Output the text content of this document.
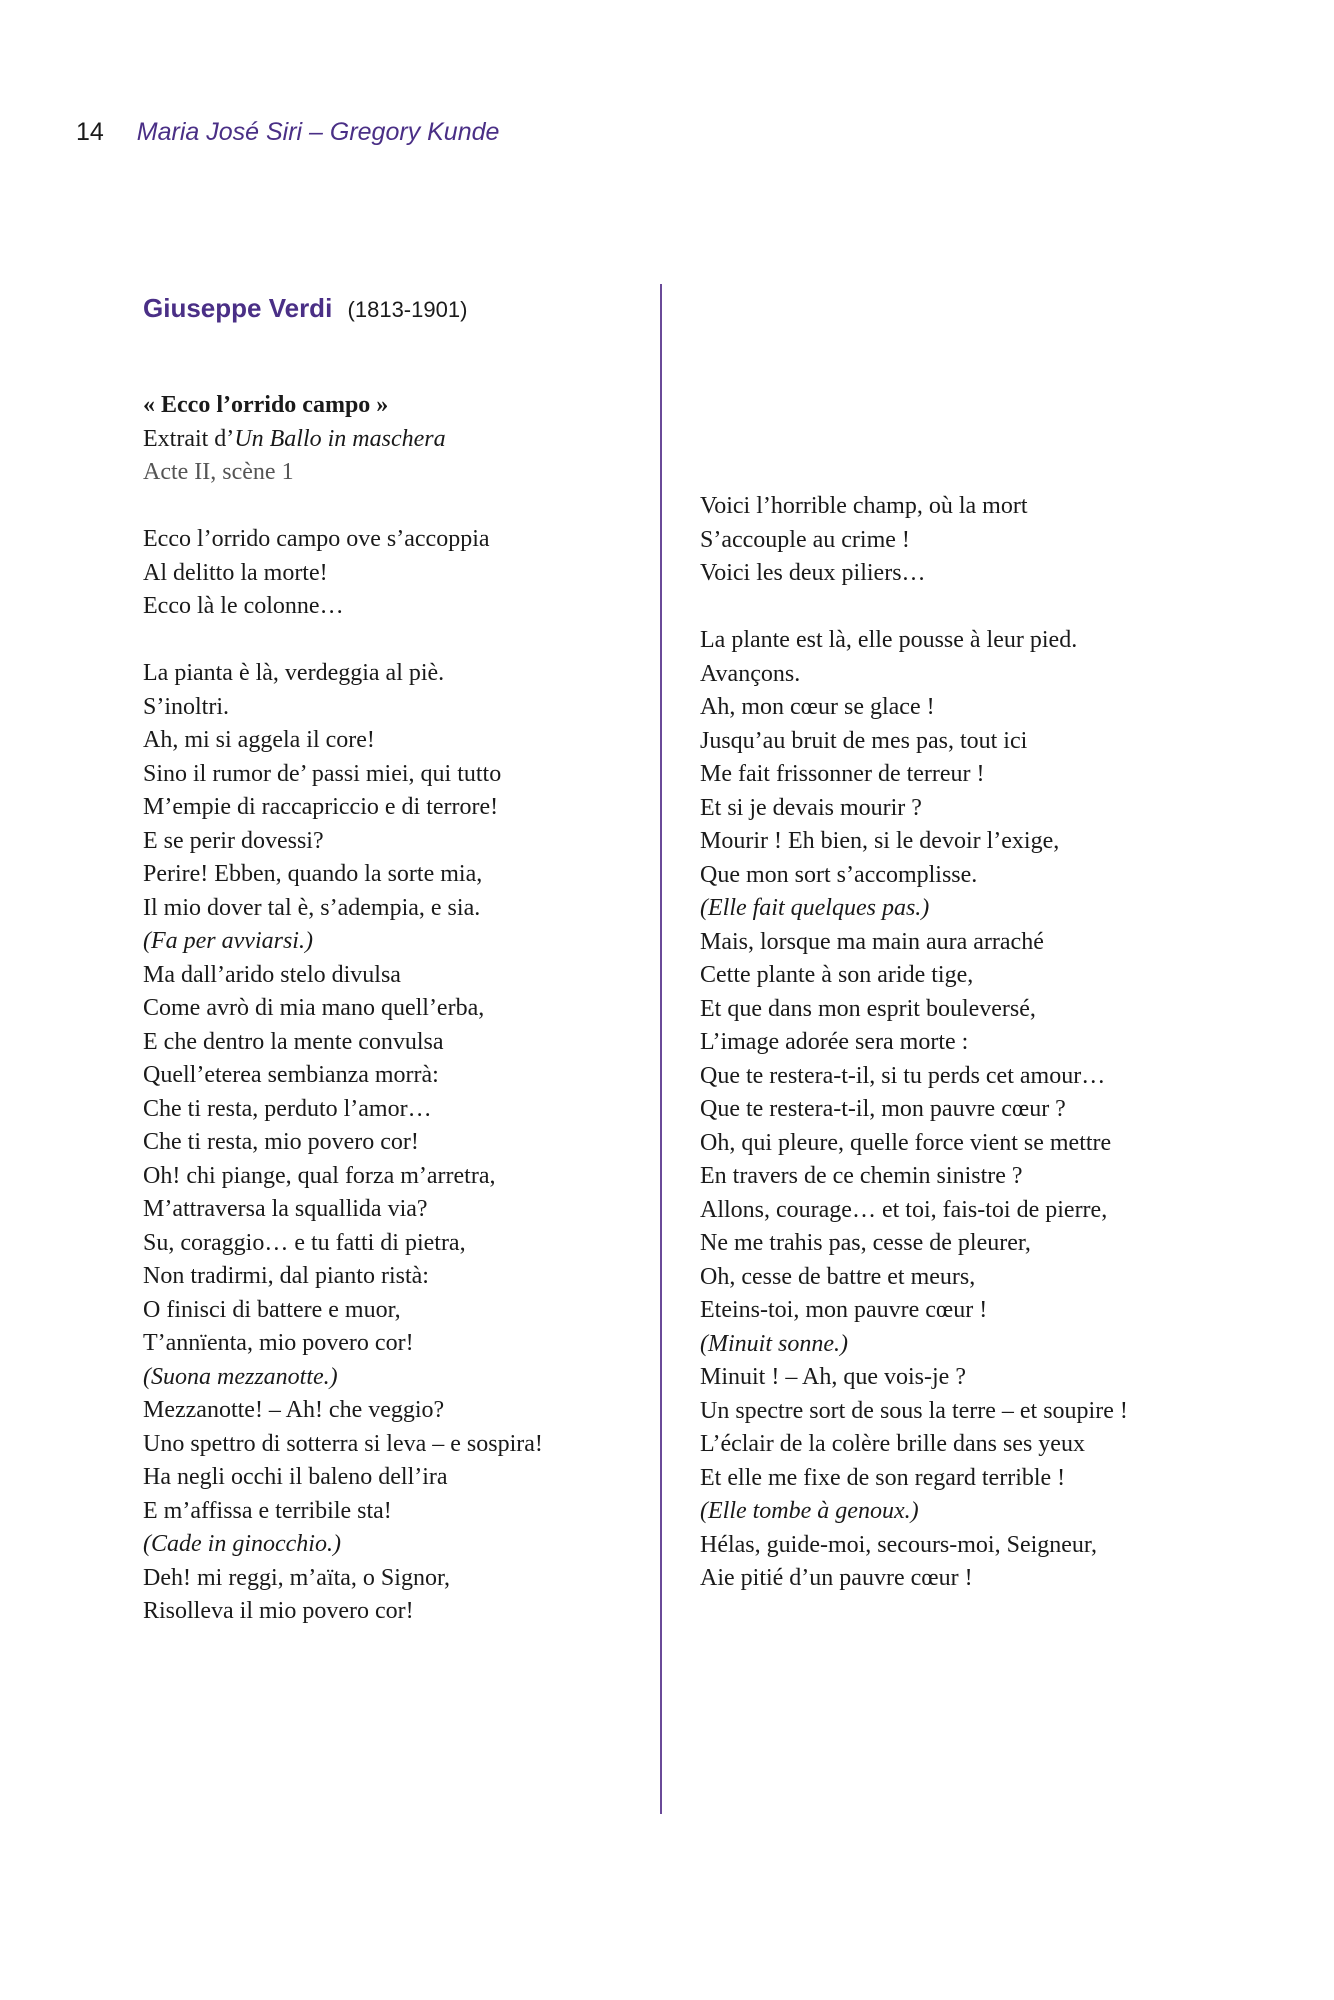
14 Maria José Siri – Gregory Kunde
Giuseppe Verdi (1813-1901)
« Ecco l’orrido campo »
Extrait d’Un Ballo in maschera
Acte II, scène 1
Ecco l’orrido campo ove s’accoppia
Al delitto la morte!
Ecco là le colonne…
La pianta è là, verdeggia al piè.
S’inoltri.
Ah, mi si aggela il core!
Sino il rumor de’ passi miei, qui tutto
M’empie di raccapriccio e di terrore!
E se perir dovessi?
Perire! Ebben, quando la sorte mia,
Il mio dover tal è, s’adempia, e sia.
(Fa per avviarsi.)
Ma dall’arido stelo divulsa
Come avrò di mia mano quell’erba,
E che dentro la mente convulsa
Quell’eterea sembianza morrà:
Che ti resta, perduto l’amor…
Che ti resta, mio povero cor!
Oh! chi piange, qual forza m’arretra,
M’attraversa la squallida via?
Su, coraggio… e tu fatti di pietra,
Non tradirmi, dal pianto ristà:
O finisci di battere e muor,
T’annïenta, mio povero cor!
(Suona mezzanotte.)
Mezzanotte! – Ah! che veggio?
Uno spettro di sotterra si leva – e sospira!
Ha negli occhi il baleno dell’ira
E m’affissa e terribile sta!
(Cade in ginocchio.)
Deh! mi reggi, m’aïta, o Signor,
Risolleva il mio povero cor!
Voici l’horrible champ, où la mort
S’accouple au crime !
Voici les deux piliers…
La plante est là, elle pousse à leur pied.
Avançons.
Ah, mon cœur se glace !
Jusqu’au bruit de mes pas, tout ici
Me fait frissonner de terreur !
Et si je devais mourir ?
Mourir ! Eh bien, si le devoir l’exige,
Que mon sort s’accomplisse.
(Elle fait quelques pas.)
Mais, lorsque ma main aura arraché
Cette plante à son aride tige,
Et que dans mon esprit bouleversé,
L’image adorée sera morte :
Que te restera-t-il, si tu perds cet amour…
Que te restera-t-il, mon pauvre cœur ?
Oh, qui pleure, quelle force vient se mettre
En travers de ce chemin sinistre ?
Allons, courage… et toi, fais-toi de pierre,
Ne me trahis pas, cesse de pleurer,
Oh, cesse de battre et meurs,
Eteins-toi, mon pauvre cœur !
(Minuit sonne.)
Minuit ! – Ah, que vois-je ?
Un spectre sort de sous la terre – et soupire !
L’éclair de la colère brille dans ses yeux
Et elle me fixe de son regard terrible !
(Elle tombe à genoux.)
Hélas, guide-moi, secours-moi, Seigneur,
Aie pitié d’un pauvre cœur !
